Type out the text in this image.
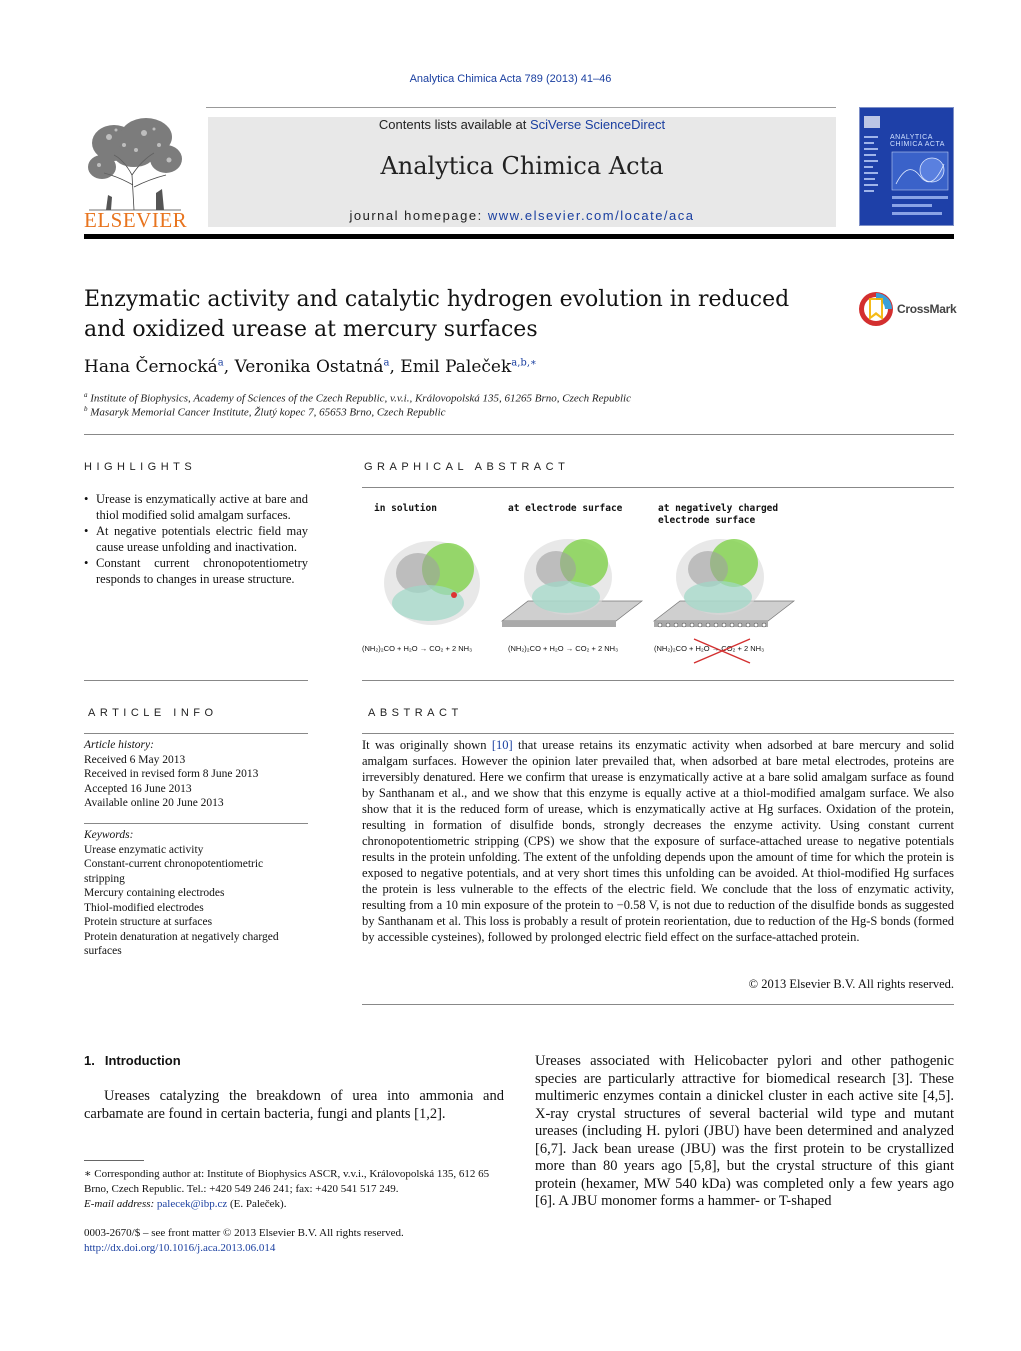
Analytica Chimica Acta 789 (2013) 41–46
ELSEVIER
Contents lists available at SciVerse ScienceDirect
Analytica Chimica Acta
journal homepage: www.elsevier.com/locate/aca
ANALYTICA
CHIMICA ACTA
Enzymatic activity and catalytic hydrogen evolution in reduced and oxidized urease at mercury surfaces
CrossMark
Hana Černocká$^a$, Veronika Ostatná$^a$, Emil Paleček$^{a,b,∗}$
$^a$ Institute of Biophysics, Academy of Sciences of the Czech Republic, v.v.i., Královopolská 135, 61265 Brno, Czech Republic
$^b$ Masaryk Memorial Cancer Institute, Žlutý kopec 7, 65653 Brno, Czech Republic
HIGHLIGHTS
• Urease is enzymatically active at bare and thiol modified solid amalgam surfaces.
• At negative potentials electric field may cause urease unfolding and inactivation.
• Constant current chronopotentiometry responds to changes in urease structure.
GRAPHICAL ABSTRACT
in solution	at electrode surface	at negatively charged
electrode surface
(NH₂)₂CO + H₂O → CO₂ + 2 NH₃	(NH₂)₂CO + H₂O → CO₂ + 2 NH₃	(NH₂)₂CO + H₂O → CO₂ + 2 NH₃
ARTICLE INFO
Article history:
Received 6 May 2013
Received in revised form 8 June 2013
Accepted 16 June 2013
Available online 20 June 2013
Keywords:
Urease enzymatic activity
Constant-current chronopotentiometric
stripping
Mercury containing electrodes
Thiol-modified electrodes
Protein structure at surfaces
Protein denaturation at negatively charged
surfaces
ABSTRACT

It was originally shown [10] that urease retains its enzymatic activity when adsorbed at bare mercury and solid amalgam surfaces. However the opinion later prevailed that, when adsorbed at bare metal electrodes, proteins are irreversibly denatured. Here we confirm that urease is enzymatically active at a bare solid amalgam surface as found by Santhanam et al., and we show that this enzyme is equally active at a thiol-modified amalgam surface. We also show that it is the reduced form of urease, which is enzymatically active at Hg surfaces. Oxidation of the protein, resulting in formation of disulfide bonds, strongly decreases the enzyme activity. Using constant current chronopotentiometric stripping (CPS) we show that the exposure of surface-attached urease to negative potentials results in the protein unfolding. The extent of the unfolding depends upon the amount of time for which the protein is exposed to negative potentials, and at very short times this unfolding can be avoided. At thiol-modified Hg surfaces the protein is less vulnerable to the effects of the electric field. We conclude that the loss of enzymatic activity, resulting from a 10 min exposure of the protein to −0.58 V, is not due to reduction of the disulfide bonds as suggested by Santhanam et al. This loss is probably a result of protein reorientation, due to reduction of the Hg-S bonds (formed by accessible cysteines), followed by prolonged electric field effect on the surface-attached protein.

© 2013 Elsevier B.V. All rights reserved.
1. Introduction

Ureases catalyzing the breakdown of urea into ammonia and carbamate are found in certain bacteria, fungi and plants [1,2].

Ureases associated with Helicobacter pylori and other pathogenic species are particularly attractive for biomedical research [3]. These multimeric enzymes contain a dinickel cluster in each active site [4,5]. X-ray crystal structures of several bacterial wild type and mutant ureases (including H. pylori (JBU) have been determined and analyzed [6,7]. Jack bean urease (JBU) was the first protein to be crystallized more than 80 years ago [5,8], but the crystal structure of this giant protein (hexamer, MW 540 kDa) was completed only a few years ago [6]. A JBU monomer forms a hammer- or T-shaped

∗ Corresponding author at: Institute of Biophysics ASCR, v.v.i., Královopolská 135, 612 65 Brno, Czech Republic. Tel.: +420 549 246 241; fax: +420 541 517 249.
E-mail address: palecek@ibp.cz (E. Paleček).
0003-2670/$ – see front matter © 2013 Elsevier B.V. All rights reserved.
http://dx.doi.org/10.1016/j.aca.2013.06.014
